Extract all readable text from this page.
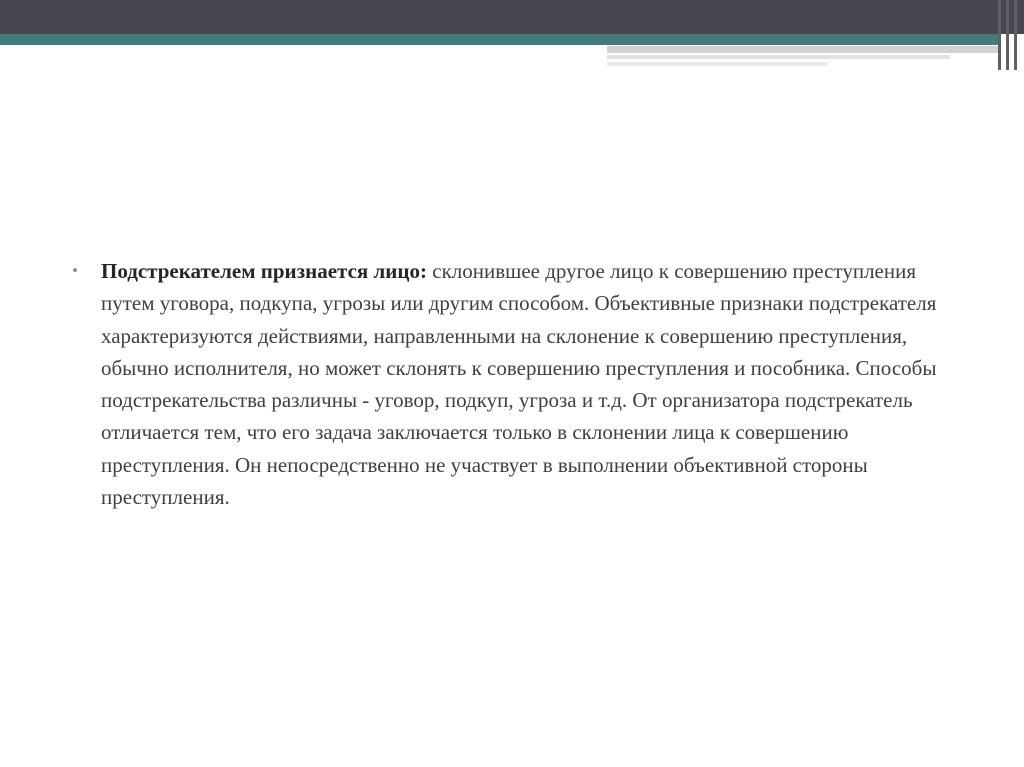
• Подстрекателем признается лицо: склонившее другое лицо к совершению преступления путем уговора, подкупа, угрозы или другим способом. Объективные признаки подстрекателя характеризуются действиями, направленными на склонение к совершению преступления, обычно исполнителя, но может склонять к совершению преступления и пособника. Способы подстрекательства различны - уговор, подкуп, угроза и т.д. От организатора подстрекатель отличается тем, что его задача заключается только в склонении лица к совершению преступления. Он непосредственно не участвует в выполнении объективной стороны преступления.
